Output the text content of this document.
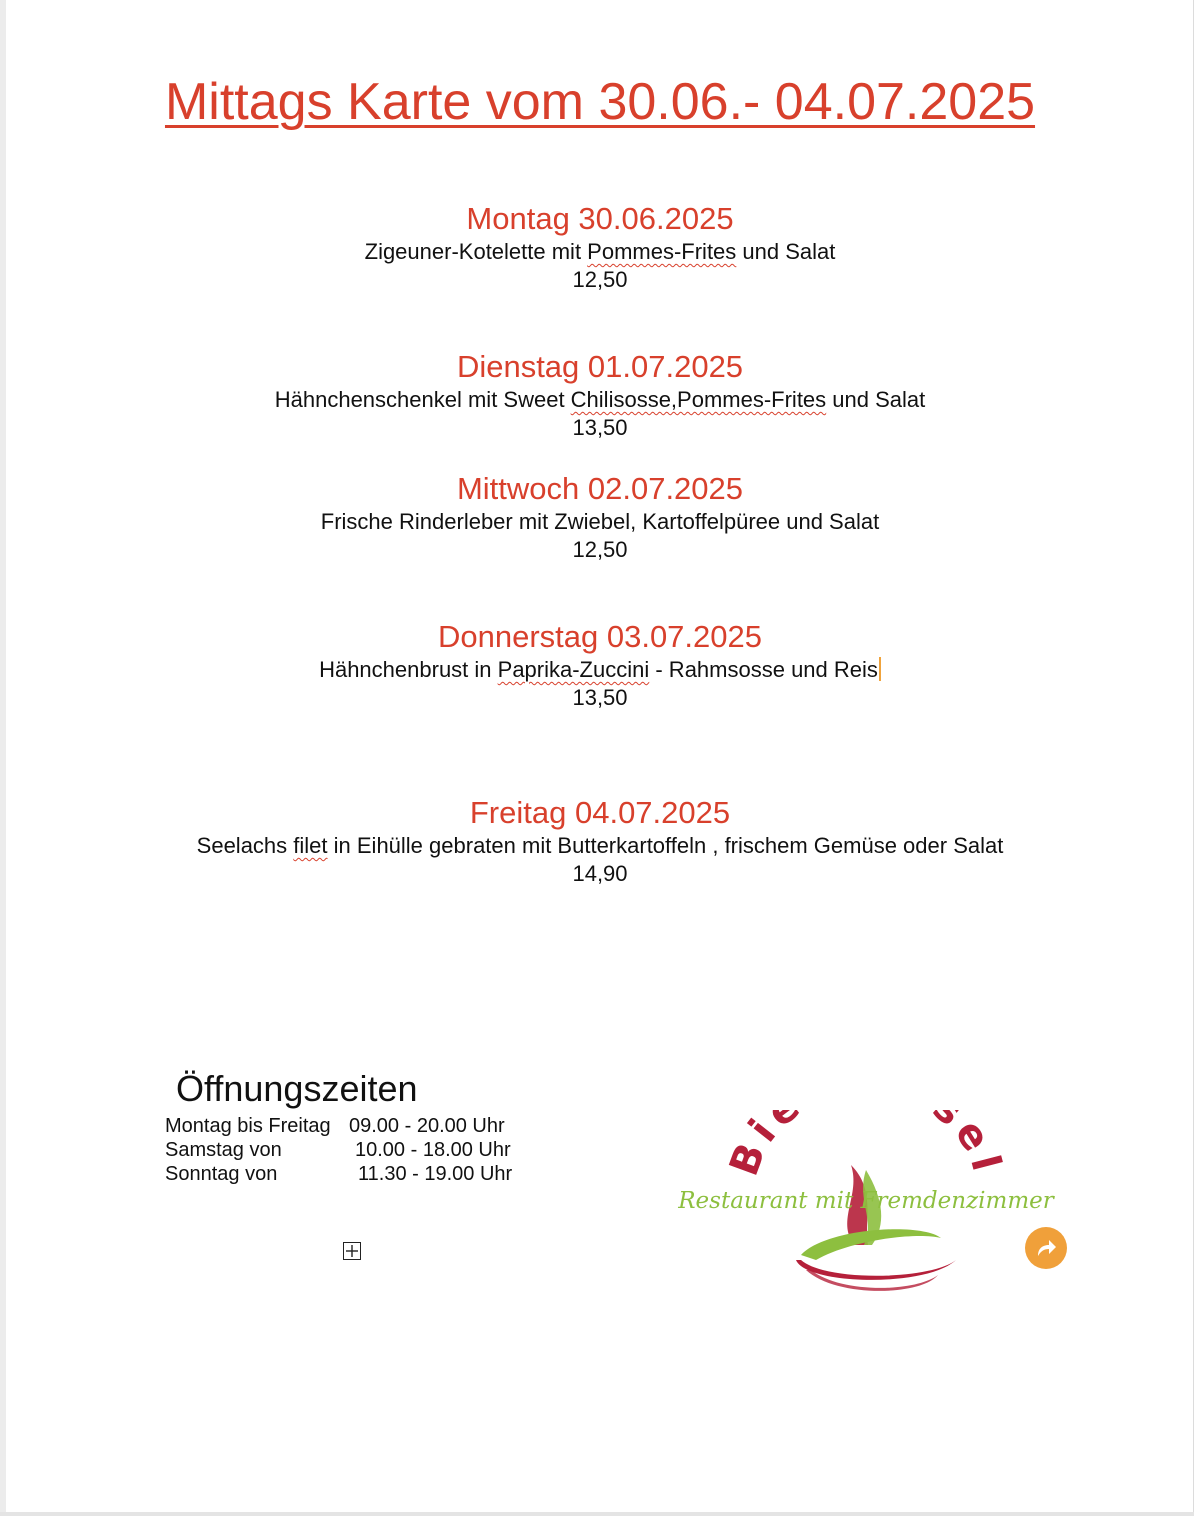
Mittags Karte vom 30.06.- 04.07.2025
Montag 30.06.2025
Zigeuner-Kotelette mit Pommes-Frites und Salat
12,50
Dienstag 01.07.2025
Hähnchenschenkel mit Sweet Chilisosse,Pommes-Frites und Salat
13,50
Mittwoch 02.07.2025
Frische Rinderleber mit Zwiebel, Kartoffelpüree und Salat
12,50
Donnerstag 03.07.2025
Hähnchenbrust in Paprika-Zuccini - Rahmsosse und Reis
13,50
Freitag 04.07.2025
Seelachs filet in Eihülle gebraten mit Butterkartoffeln , frischem Gemüse oder Salat
14,90
Öffnungszeiten
Montag bis Freitag 09.00 - 20.00 Uhr
Samstag von	10.00 - 18.00 Uhr
Sonntag von	11.30 - 19.00 Uhr	Bi sel
Restaurant mit Fremdenzimmer
